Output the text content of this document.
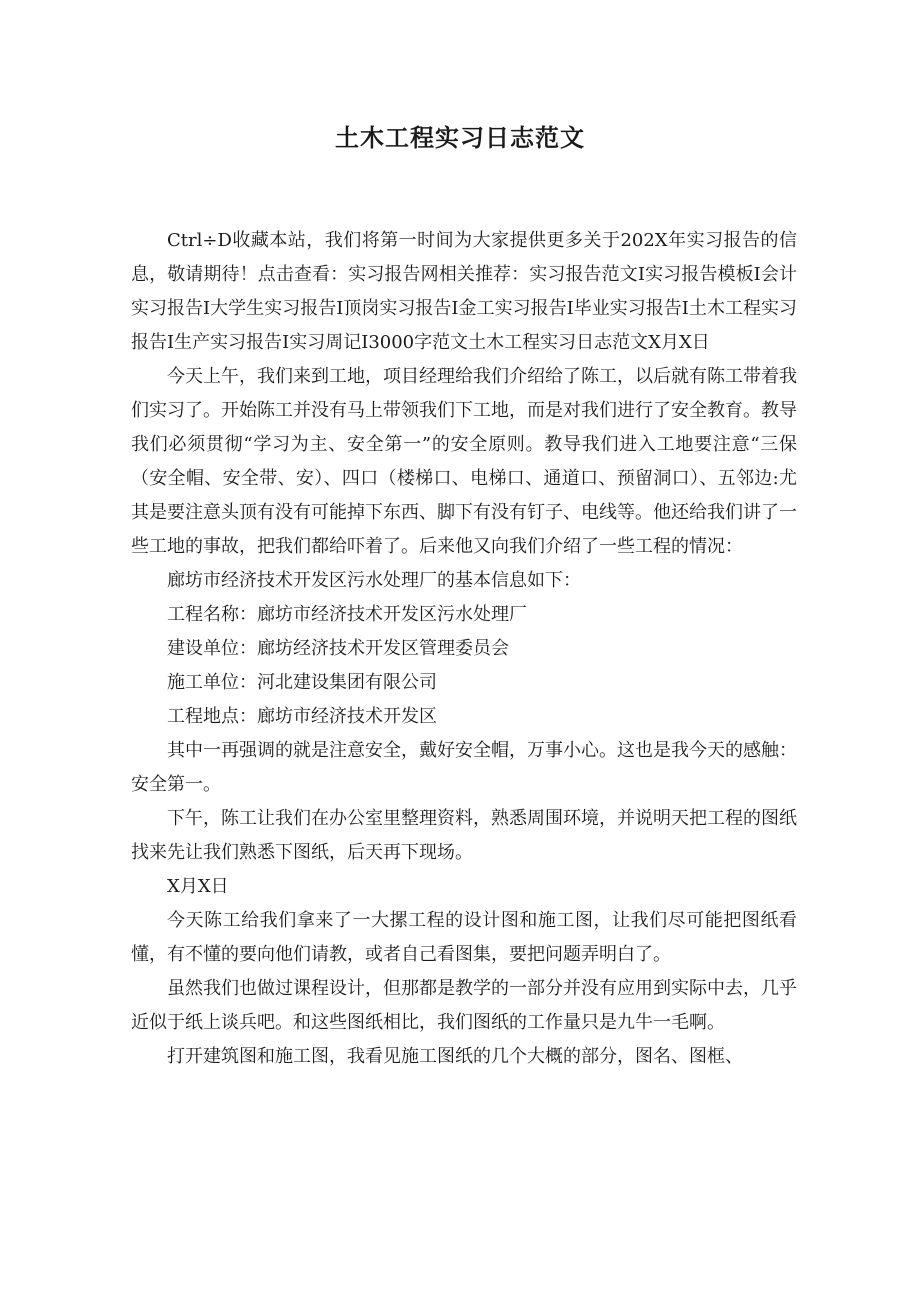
土木工程实习日志范文

Ctrl÷D收藏本站，我们将第一时间为大家提供更多关于202X年实习报告的信息，敬请期待！点击查看：实习报告网相关推荐：实习报告范文I实习报告模板I会计实习报告I大学生实习报告I顶岗实习报告I金工实习报告I毕业实习报告I土木工程实习报告I生产实习报告I实习周记I3000字范文土木工程实习日志范文X月X日

今天上午，我们来到工地，项目经理给我们介绍给了陈工，以后就有陈工带着我们实习了。开始陈工并没有马上带领我们下工地，而是对我们进行了安全教育。教导我们必须贯彻“学习为主、安全第一”的安全原则。教导我们进入工地要注意“三保（安全帽、安全带、安）、四口（楼梯口、电梯口、通道口、预留洞口）、五邻边:尤其是要注意头顶有没有可能掉下东西、脚下有没有钉子、电线等。他还给我们讲了一些工地的事故，把我们都给吓着了。后来他又向我们介绍了一些工程的情况：

廊坊市经济技术开发区污水处理厂的基本信息如下：

工程名称：廊坊市经济技术开发区污水处理厂

建设单位：廊坊经济技术开发区管理委员会

施工单位：河北建设集团有限公司

工程地点：廊坊市经济技术开发区

其中一再强调的就是注意安全，戴好安全帽，万事小心。这也是我今天的感触：安全第一。

下午，陈工让我们在办公室里整理资料，熟悉周围环境，并说明天把工程的图纸找来先让我们熟悉下图纸，后天再下现场。

X月X日

今天陈工给我们拿来了一大摞工程的设计图和施工图，让我们尽可能把图纸看懂，有不懂的要向他们请教，或者自己看图集，要把问题弄明白了。

虽然我们也做过课程设计，但那都是教学的一部分并没有应用到实际中去，几乎近似于纸上谈兵吧。和这些图纸相比，我们图纸的工作量只是九牛一毛啊。

打开建筑图和施工图，我看见施工图纸的几个大概的部分，图名、图框、
